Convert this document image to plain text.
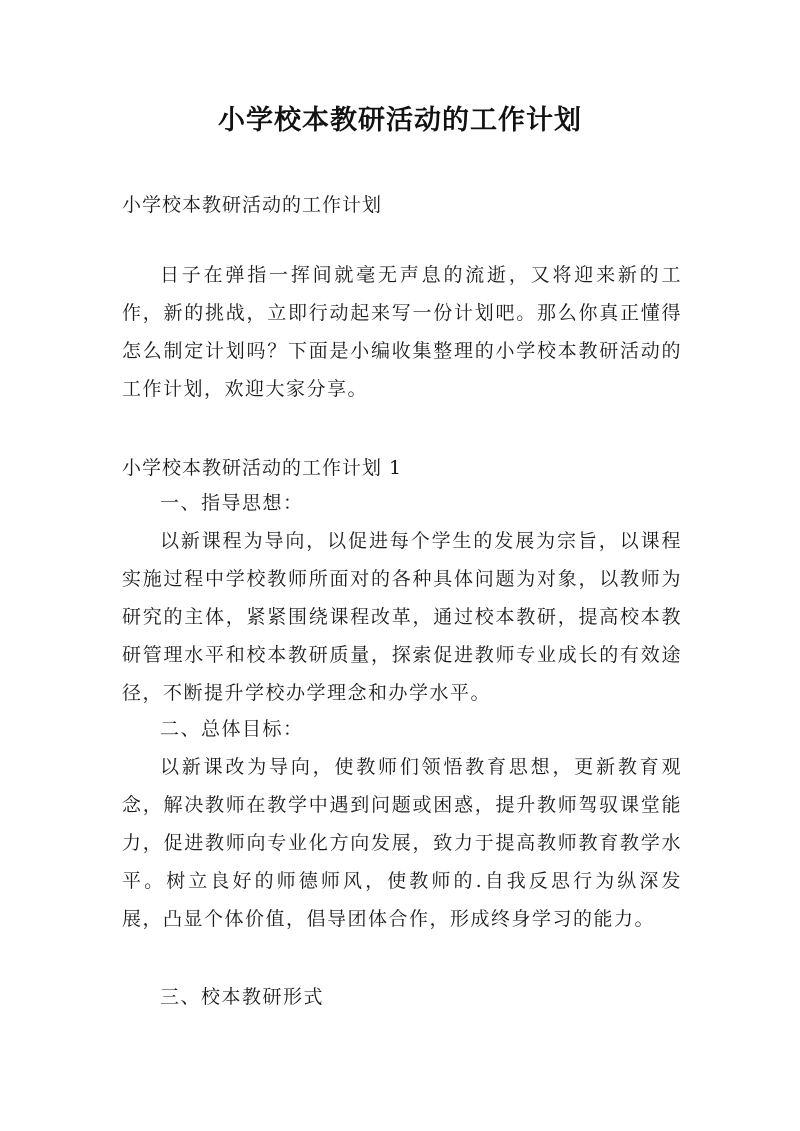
小学校本教研活动的工作计划
小学校本教研活动的工作计划
日子在弹指一挥间就毫无声息的流逝，又将迎来新的工作，新的挑战，立即行动起来写一份计划吧。那么你真正懂得怎么制定计划吗？下面是小编收集整理的小学校本教研活动的工作计划，欢迎大家分享。
小学校本教研活动的工作计划 1
一、指导思想：
以新课程为导向，以促进每个学生的发展为宗旨，以课程实施过程中学校教师所面对的各种具体问题为对象，以教师为研究的主体，紧紧围绕课程改革，通过校本教研，提高校本教研管理水平和校本教研质量，探索促进教师专业成长的有效途径，不断提升学校办学理念和办学水平。
二、总体目标：
以新课改为导向，使教师们领悟教育思想，更新教育观念，解决教师在教学中遇到问题或困惑，提升教师驾驭课堂能力，促进教师向专业化方向发展，致力于提高教师教育教学水平。树立良好的师德师风，使教师的.自我反思行为纵深发展，凸显个体价值，倡导团体合作，形成终身学习的能力。
三、校本教研形式
